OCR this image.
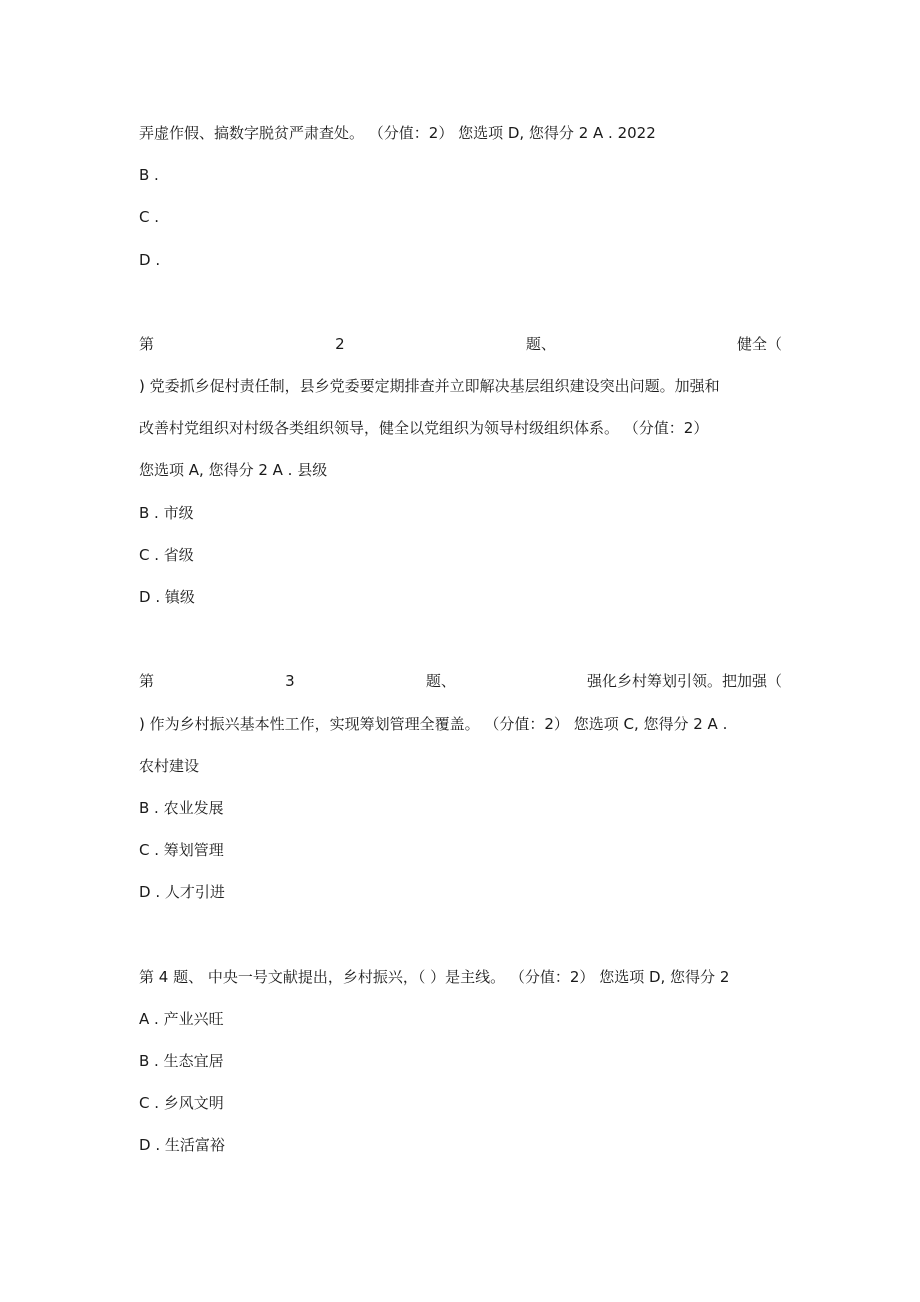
弄虚作假、搞数字脱贫严肃查处。 （分值：2） 您选项 D, 您得分 2 A . 2022
B .
C .
D .
第	2	题、	健全（
) 党委抓乡促村责任制，县乡党委要定期排查并立即解决基层组织建设突出问题。加强和
改善村党组织对村级各类组织领导，健全以党组织为领导村级组织体系。 （分值：2）
您选项 A, 您得分 2 A . 县级
B . 市级
C . 省级
D . 镇级
第	3	题、	强化乡村筹划引领。把加强（
) 作为乡村振兴基本性工作，实现筹划管理全覆盖。 （分值：2） 您选项 C, 您得分 2 A .
农村建设
B . 农业发展
C . 筹划管理
D . 人才引进
第 4 题、 中央一号文献提出，乡村振兴，（ ）是主线。 （分值：2） 您选项 D, 您得分 2
A . 产业兴旺
B . 生态宜居
C . 乡风文明
D . 生活富裕
